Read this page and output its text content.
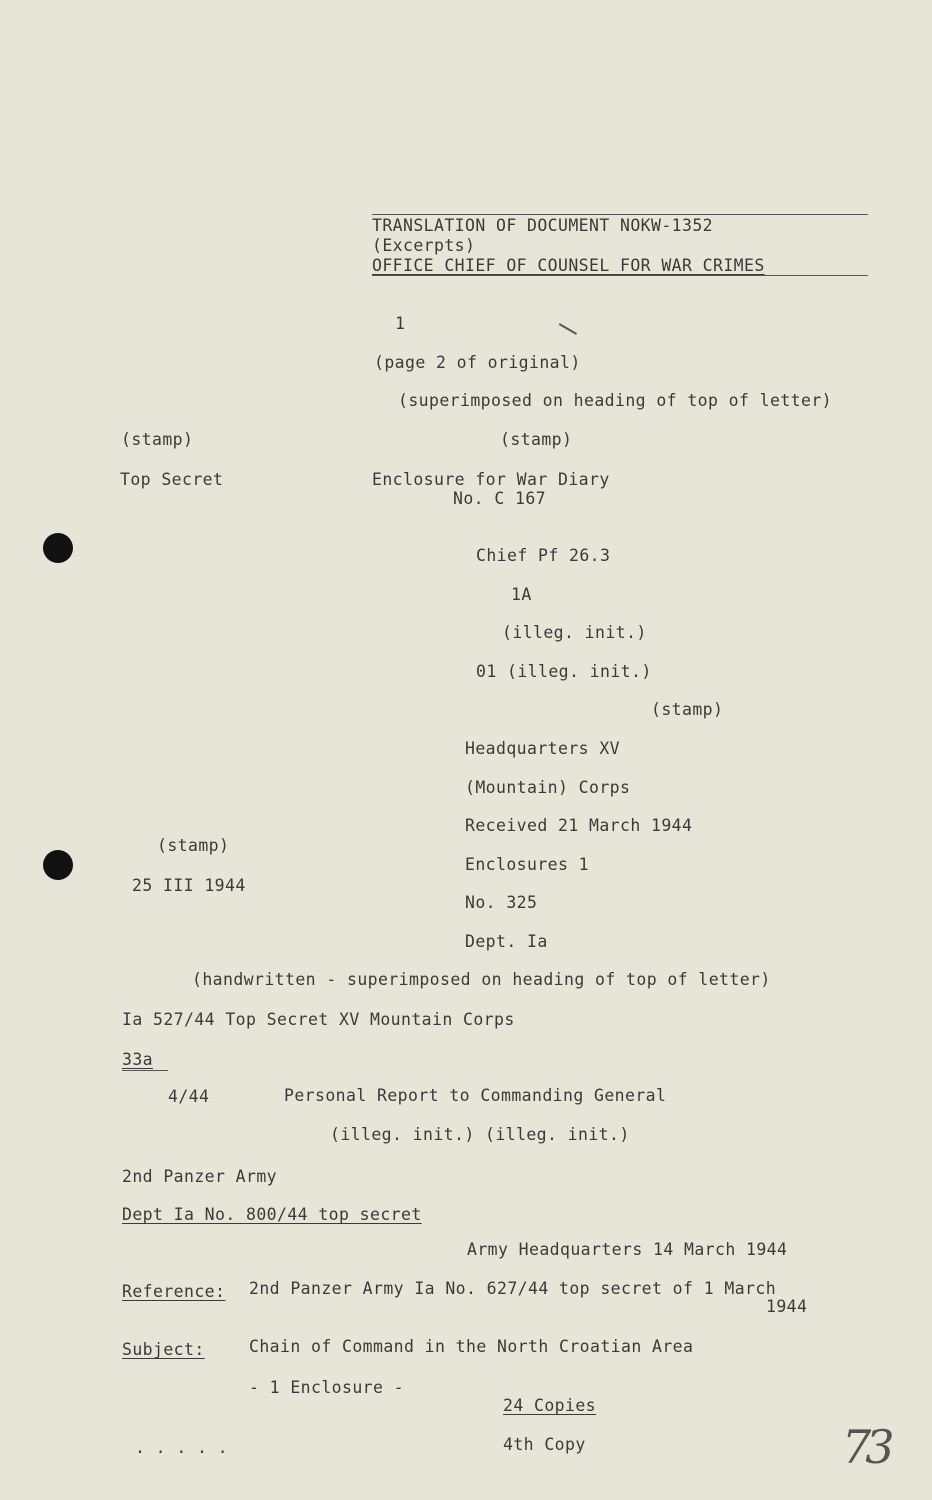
TRANSLATION OF DOCUMENT NOKW-1352
(Excerpts)
OFFICE CHIEF OF COUNSEL FOR WAR CRIMES
1
(page 2 of original)
(superimposed on heading of top of letter)
(stamp)	(stamp)
Top Secret	Enclosure for War Diary
No. C 167
Chief Pf 26.3
1A
(illeg. init.)
01 (illeg. init.)
(stamp)
Headquarters XV
(Mountain) Corps
Received 21 March 1944
(stamp)
Enclosures 1
25 III 1944
No. 325
Dept. Ia
(handwritten - superimposed on heading of top of letter)
Ia 527/44 Top Secret XV Mountain Corps
33a
4/44	Personal Report to Commanding General
(illeg. init.) (illeg. init.)
2nd Panzer Army
Dept Ia No. 800/44 top secret
Army Headquarters 14 March 1944
Reference: 2nd Panzer Army Ia No. 627/44 top secret of 1 March
1944
Subject:	Chain of Command in the North Croatian Area
- 1 Enclosure -
24 Copies
. . . . .	4th Copy	73
